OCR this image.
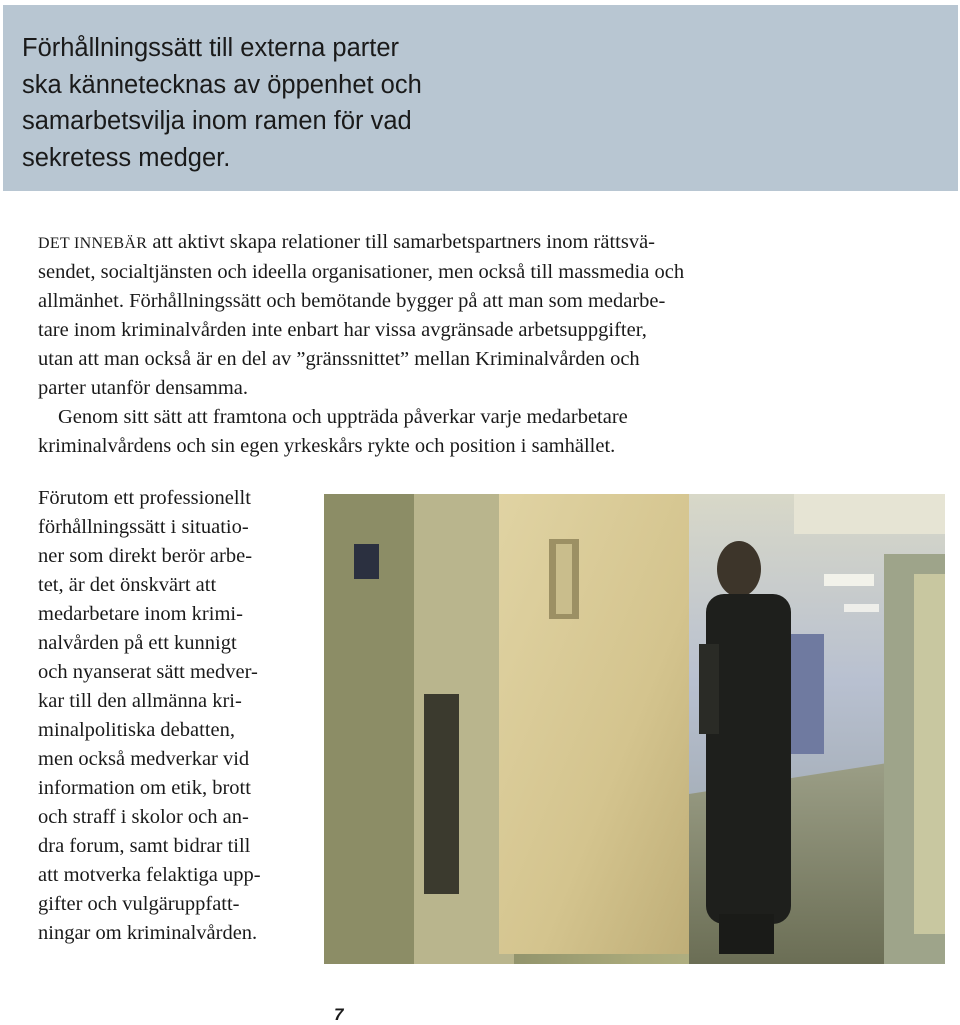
Förhållningssätt till externa parter
ska kännetecknas av öppenhet och
samarbetsvilja inom ramen för vad
sekretess medger.

DET INNEBÄR att aktivt skapa relationer till samarbetspartners inom rättsvä-
sendet, socialtjänsten och ideella organisationer, men också till massmedia och
allmänhet. Förhållningssätt och bemötande bygger på att man som medarbe-
tare inom kriminalvården inte enbart har vissa avgränsade arbetsuppgifter,
utan att man också är en del av ”gränssnittet” mellan Kriminalvården och
parter utanför densamma.

Genom sitt sätt att framtona och uppträda påverkar varje medarbetare
kriminalvårdens och sin egen yrkeskårs rykte och position i samhället.

Förutom ett professionellt
förhållningssätt i situatio-
ner som direkt berör arbe-
tet, är det önskvärt att
medarbetare inom krimi-
nalvården på ett kunnigt
och nyanserat sätt medver-
kar till den allmänna kri-
minalpolitiska debatten,
men också medverkar vid
information om etik, brott
och straff i skolor och an-
dra forum, samt bidrar till
att motverka felaktiga upp-
gifter och vulgäruppfatt-
ningar om kriminalvården.

7
